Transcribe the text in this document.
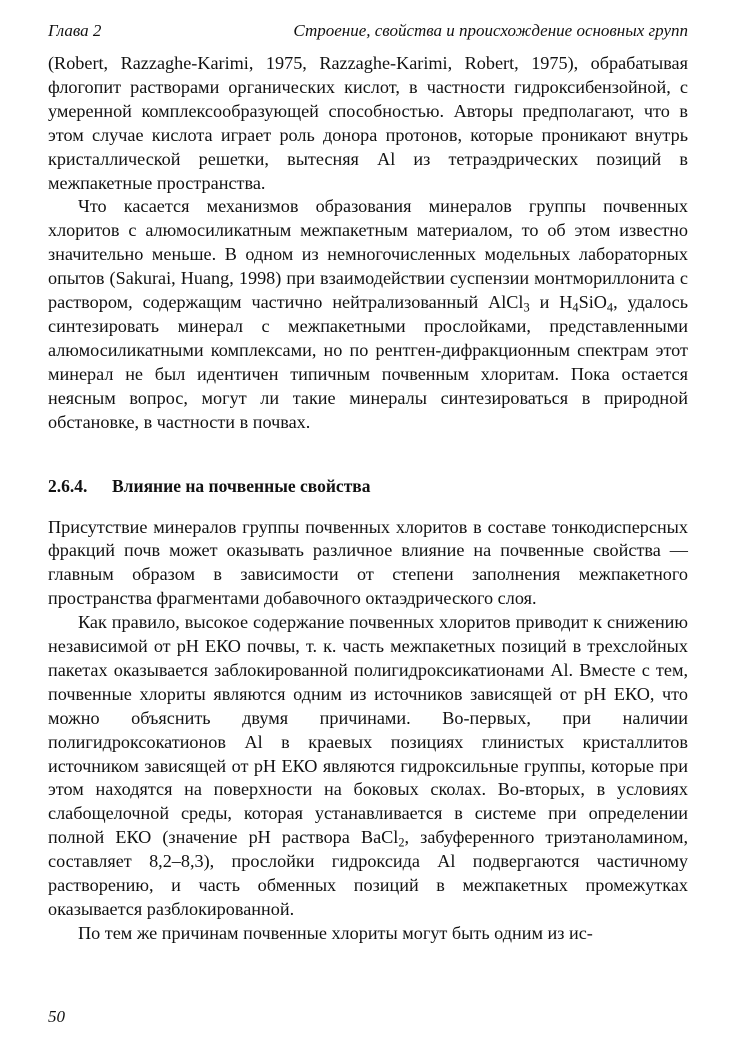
Глава 2	Строение, свойства и происхождение основных групп

(Robert, Razzaghe-Karimi, 1975, Razzaghe-Karimi, Robert, 1975), обрабатывая флогопит растворами органических кислот, в частности гидроксибензойной, с умеренной комплексообразующей способностью. Авторы предполагают, что в этом случае кислота играет роль донора протонов, которые проникают внутрь кристаллической решетки, вытесняя Al из тетраэдрических позиций в межпакетные пространства.

Что касается механизмов образования минералов группы почвенных хлоритов с алюмосиликатным межпакетным материалом, то об этом известно значительно меньше. В одном из немногочисленных модельных лабораторных опытов (Sakurai, Huang, 1998) при взаимодействии суспензии монтмориллонита с раствором, содержащим частично нейтрализованный AlCl$_3$ и $H_4SiO_4$, удалось синтезировать минерал с межпакетными прослойками, представленными алюмосиликатными комплексами, но по рентген-дифракционным спектрам этот минерал не был идентичен типичным почвенным хлоритам. Пока остается неясным вопрос, могут ли такие минералы синтезироваться в природной обстановке, в частности в почвах.

2.6.4. Влияние на почвенные свойства

Присутствие минералов группы почвенных хлоритов в составе тонкодисперсных фракций почв может оказывать различное влияние на почвенные свойства — главным образом в зависимости от степени заполнения межпакетного пространства фрагментами добавочного октаэдрического слоя.

Как правило, высокое содержание почвенных хлоритов приводит к снижению независимой от pH ЕКО почвы, т. к. часть межпакетных позиций в трехслойных пакетах оказывается заблокированной полигидроксикатионами Al. Вместе с тем, почвенные хлориты являются одним из источников зависящей от pH ЕКО, что можно объяснить двумя причинами. Во-первых, при наличии полигидроксокатионов Al в краевых позициях глинистых кристаллитов источником зависящей от pH ЕКО являются гидроксильные группы, которые при этом находятся на поверхности на боковых сколах. Во-вторых, в условиях слабощелочной среды, которая устанавливается в системе при определении полной ЕКО (значение pH раствора BaCl$_2$, забуференного триэтаноламином, составляет 8,2–8,3), прослойки гидроксида Al подвергаются частичному растворению, и часть обменных позиций в межпакетных промежутках оказывается разблокированной.

По тем же причинам почвенные хлориты могут быть одним из ис-

50
